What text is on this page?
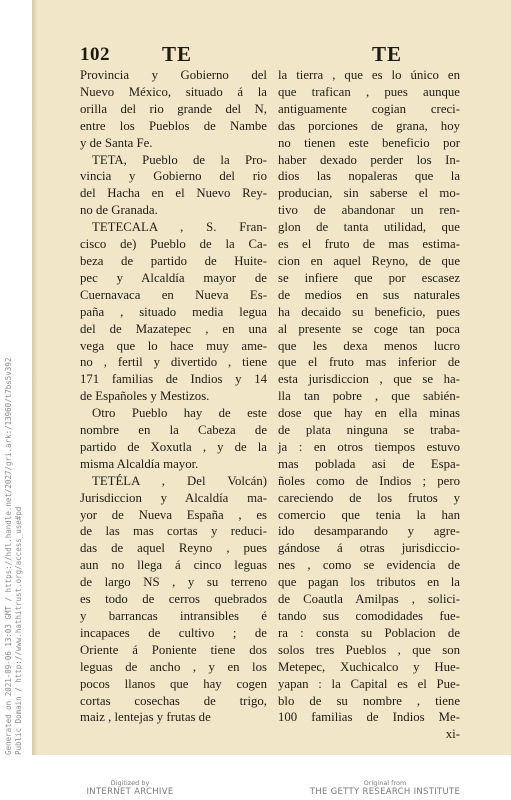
Generated on 2021-09-06 13:03 GMT / https://hdl.handle.net/2027/gri.ark:/13960/t7bs5v392 Public Domain / http://www.hathitrust.org/access_use#pd
102 TE	TE
Provincia y Gobierno del
Nuevo México, situado á la
orilla del rio grande del N,
entre los Pueblos de Nambe
y de Santa Fe.
TETA, Pueblo de la Pro-
vincia y Gobierno del rio
del Hacha en el Nuevo Rey-
no de Granada.
TETECALA , S. Fran-
cisco de) Pueblo de la Ca-
beza de partido de Huite-
pec y Alcaldía mayor de
Cuernavaca en Nueva Es-
paña , situado media legua
del de Mazatepec , en una
vega que lo hace muy ame-
no , fertil y divertido , tiene
171 familias de Indios y 14
de Españoles y Mestizos.
Otro Pueblo hay de este
nombre en la Cabeza de
partido de Xoxutla , y de la
misma Alcaldía mayor.
TETÉLA , Del Volcán)
Jurisdiccion y Alcaldía ma-
yor de Nueva España , es
de las mas cortas y reduci-
das de aquel Reyno , pues
aun no llega á cinco leguas
de largo NS , y su terreno
es todo de cerros quebrados
y barrancas intransibles é
incapaces de cultivo ; de
Oriente á Poniente tiene dos
leguas de ancho , y en los
pocos llanos que hay cogen
cortas cosechas de trigo,
maiz , lentejas y frutas de
la tierra , que es lo único en
que trafican , pues aunque
antiguamente cogian creci-
das porciones de grana, hoy
no tienen este beneficio por
haber dexado perder los In-
dios las nopaleras que la
producian, sin saberse el mo-
tivo de abandonar un ren-
glon de tanta utilidad, que
es el fruto de mas estima-
cion en aquel Reyno, de que
se infiere que por escasez
de medios en sus naturales
ha decaido su beneficio, pues
al presente se coge tan poca
que les dexa menos lucro
que el fruto mas inferior de
esta jurisdiccion , que se ha-
lla tan pobre , que sabién-
dose que hay en ella minas
de plata ninguna se traba-
ja : en otros tiempos estuvo
mas poblada asi de Espa-
ñoles como de Indios ; pero
careciendo de los frutos y
comercio que tenia la han
ido desamparando y agre-
gándose á otras jurisdiccio-
nes , como se evidencia de
que pagan los tributos en la
de Coautla Amilpas , solici-
tando sus comodidades fue-
ra : consta su Poblacion de
solos tres Pueblos , que son
Metepec, Xuchicalco y Hue-
yapan : la Capital es el Pue-
blo de su nombre , tiene
100 familias de Indios Me-
xi-
Digitized by
INTERNET ARCHIVE
Original from
THE GETTY RESEARCH INSTITUTE
